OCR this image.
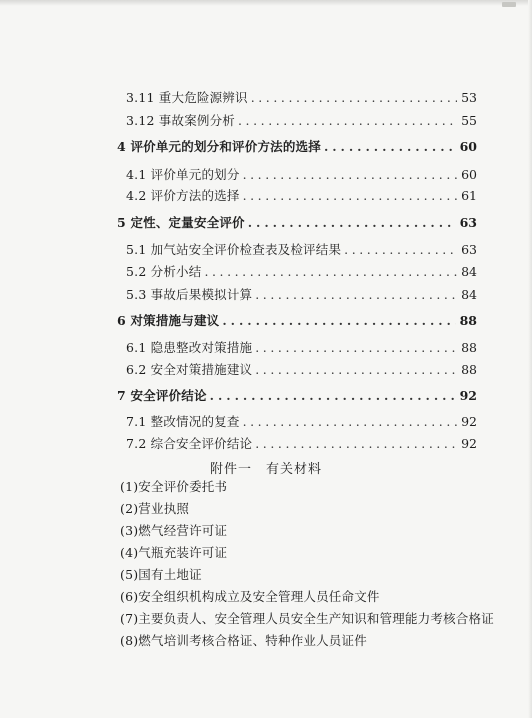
3.11 重大危险源辨识 . . .	53
3.12 事故案例分析 . . .	55
4 评价单元的划分和评价方法的选择 . . .	60
4.1 评价单元的划分 . . .	60
4.2 评价方法的选择 . . .	61
5 定性、定量安全评价 . . .	63
5.1 加气站安全评价检查表及检评结果 . . .	63
5.2 分析小结 . . .	84
5.3 事故后果模拟计算 . . .	84
6 对策措施与建议 . . .	88
6.1 隐患整改对策措施 . . .	88
6.2 安全对策措施建议 . . .	88
7 安全评价结论 . . .	92
7.1 整改情况的复查 . . .	92
7.2 综合安全评价结论 . . .	92
附件一　有关材料
(1)安全评价委托书
(2)营业执照
(3)燃气经营许可证
(4)气瓶充装许可证
(5)国有土地证
(6)安全组织机构成立及安全管理人员任命文件
(7)主要负责人、安全管理人员安全生产知识和管理能力考核合格证
(8)燃气培训考核合格证、特种作业人员证件
